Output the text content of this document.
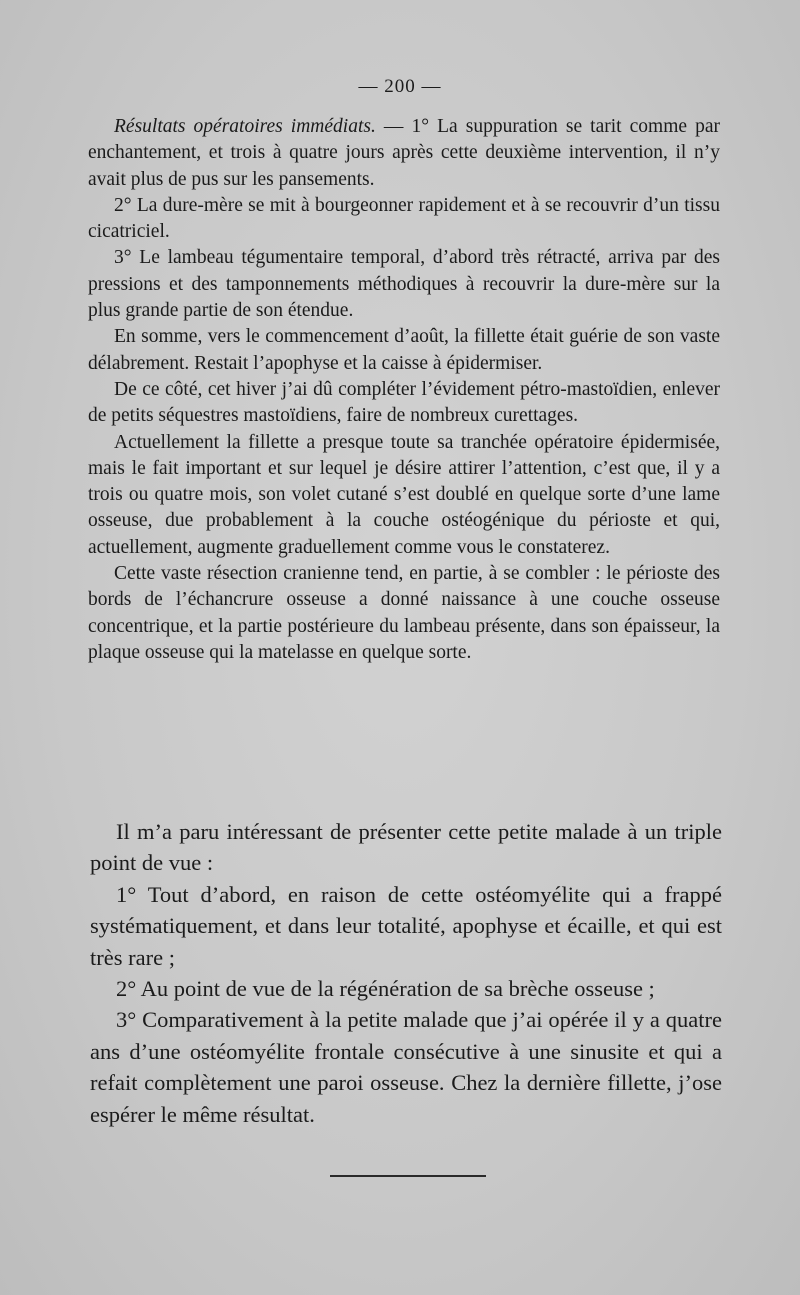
— 200 —

Résultats opératoires immédiats. — 1° La suppuration se tarit comme par enchantement, et trois à quatre jours après cette deuxième intervention, il n’y avait plus de pus sur les pansements.

2° La dure-mère se mit à bourgeonner rapidement et à se recouvrir d’un tissu cicatriciel.

3° Le lambeau tégumentaire temporal, d’abord très rétracté, arriva par des pressions et des tamponnements méthodiques à recouvrir la dure-mère sur la plus grande partie de son étendue.

En somme, vers le commencement d’août, la fillette était guérie de son vaste délabrement. Restait l’apophyse et la caisse à épidermiser.

De ce côté, cet hiver j’ai dû compléter l’évidement pétro-mastoïdien, enlever de petits séquestres mastoïdiens, faire de nombreux curettages.

Actuellement la fillette a presque toute sa tranchée opératoire épidermisée, mais le fait important et sur lequel je désire attirer l’attention, c’est que, il y a trois ou quatre mois, son volet cutané s’est doublé en quelque sorte d’une lame osseuse, due probablement à la couche ostéogénique du périoste et qui, actuellement, augmente graduellement comme vous le constaterez.

Cette vaste résection cranienne tend, en partie, à se combler : le périoste des bords de l’échancrure osseuse a donné naissance à une couche osseuse concentrique, et la partie postérieure du lambeau présente, dans son épaisseur, la plaque osseuse qui la matelasse en quelque sorte.

Il m’a paru intéressant de présenter cette petite malade à un triple point de vue :

1° Tout d’abord, en raison de cette ostéomyélite qui a frappé systématiquement, et dans leur totalité, apophyse et écaille, et qui est très rare ;

2° Au point de vue de la régénération de sa brèche osseuse ;

3° Comparativement à la petite malade que j’ai opérée il y a quatre ans d’une ostéomyélite frontale consécutive à une sinusite et qui a refait complètement une paroi osseuse. Chez la dernière fillette, j’ose espérer le même résultat.
